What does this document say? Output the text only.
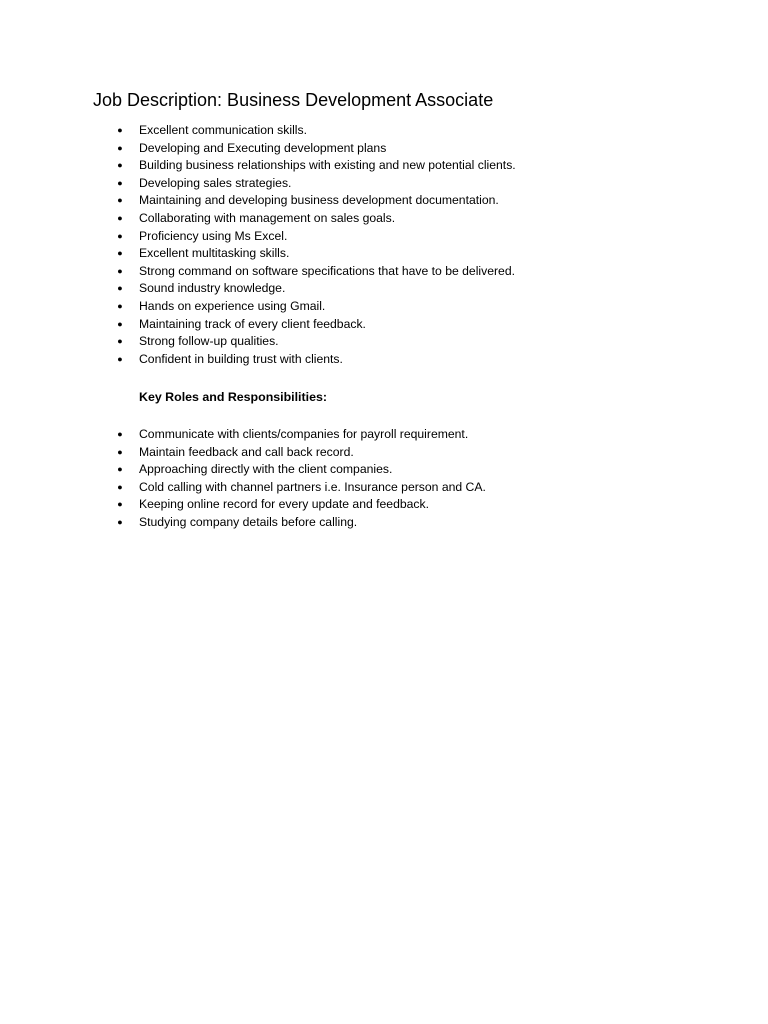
Job Description: Business Development Associate
● Excellent communication skills.
● Developing and Executing development plans
● Building business relationships with existing and new potential clients.
● Developing sales strategies.
● Maintaining and developing business development documentation.
● Collaborating with management on sales goals.
● Proficiency using Ms Excel.
● Excellent multitasking skills.
● Strong command on software specifications that have to be delivered.
● Sound industry knowledge.
● Hands on experience using Gmail.
● Maintaining track of every client feedback.
● Strong follow-up qualities.
● Confident in building trust with clients.
Key Roles and Responsibilities:
● Communicate with clients/companies for payroll requirement.
● Maintain feedback and call back record.
● Approaching directly with the client companies.
● Cold calling with channel partners i.e. Insurance person and CA.
● Keeping online record for every update and feedback.
● Studying company details before calling.
